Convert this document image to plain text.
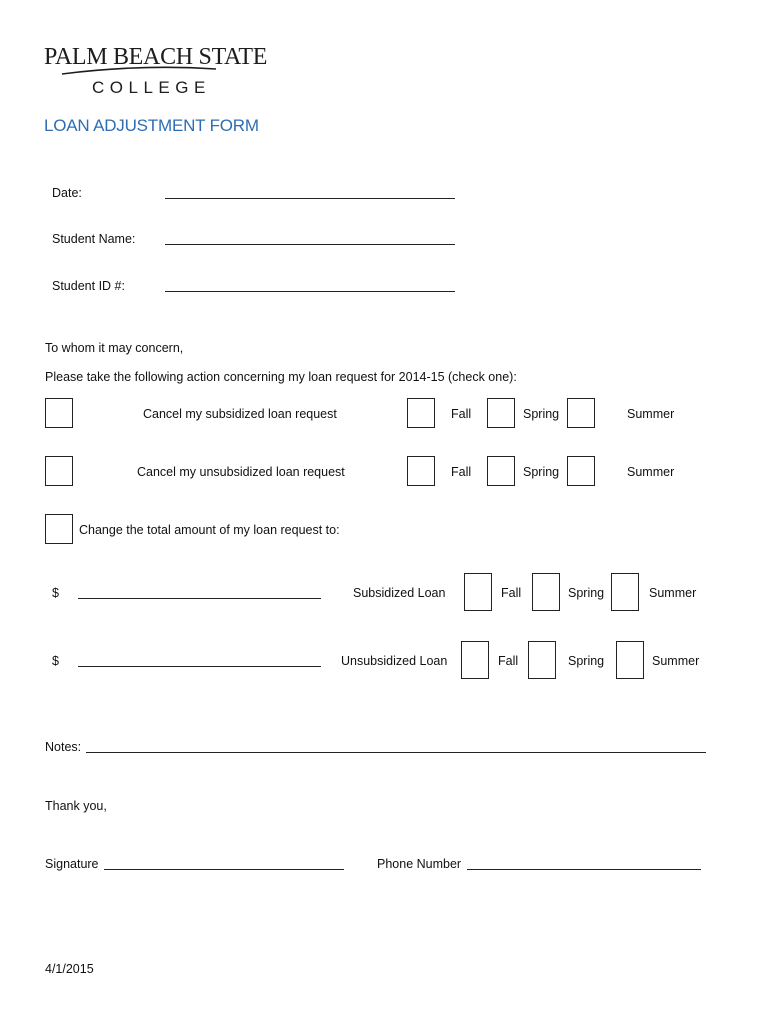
PALM BEACH STATE
COLLEGE
LOAN ADJUSTMENT FORM
Date:
Student Name:
Student ID #:
To whom it may concern,
Please take the following action concerning my loan request for 2014-15 (check one):
Cancel my subsidized loan request	Fall	Spring	Summer
Cancel my unsubsidized loan request	Fall	Spring	Summer
Change the total amount of my loan request to:
$	Subsidized Loan	Fall	Spring	Summer
$	Unsubsidized Loan	Fall	Spring	Summer
Notes:
Thank you,
Signature	Phone Number
4/1/2015
